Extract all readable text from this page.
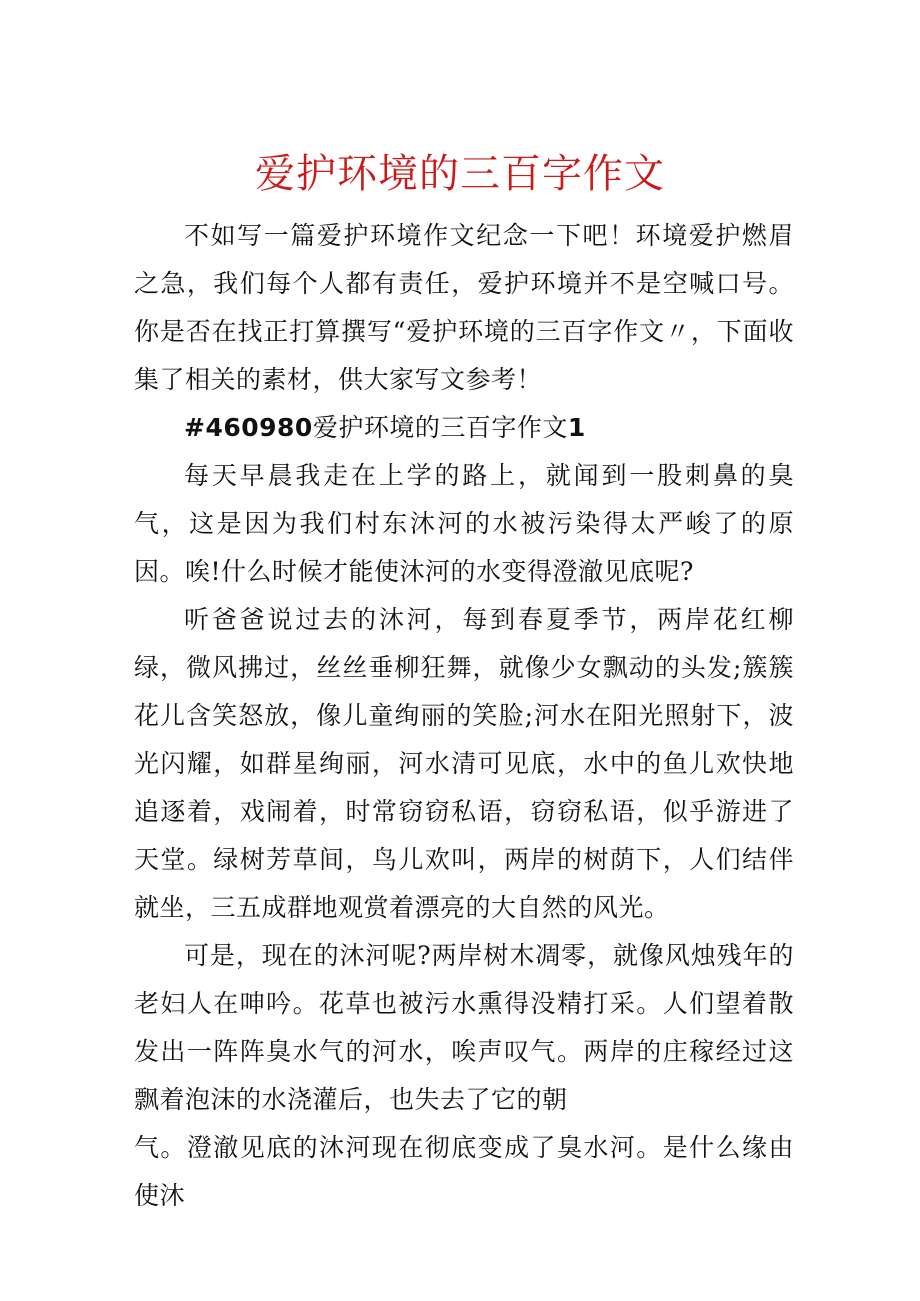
爱护环境的三百字作文

不如写一篇爱护环境作文纪念一下吧！环境爱护燃眉之急，我们每个人都有责任，爱护环境并不是空喊口号。你是否在找正打算撰写“爱护环境的三百字作文〃，下面收集了相关的素材，供大家写文参考！

#460980爱护环境的三百字作文1

每天早晨我走在上学的路上，就闻到一股刺鼻的臭气，这是因为我们村东沐河的水被污染得太严峻了的原因。唉!什么时候才能使沐河的水变得澄澈见底呢?

听爸爸说过去的沐河，每到春夏季节，两岸花红柳绿，微风拂过，丝丝垂柳狂舞，就像少女飘动的头发;簇簇花儿含笑怒放，像儿童绚丽的笑脸;河水在阳光照射下，波光闪耀，如群星绚丽，河水清可见底，水中的鱼儿欢快地追逐着，戏闹着，时常窃窃私语，窃窃私语，似乎游进了天堂。绿树芳草间，鸟儿欢叫，两岸的树荫下，人们结伴就坐，三五成群地观赏着漂亮的大自然的风光。

可是，现在的沐河呢?两岸树木凋零，就像风烛残年的老妇人在呻吟。花草也被污水熏得没精打采。人们望着散发出一阵阵臭水气的河水，唉声叹气。两岸的庄稼经过这飘着泡沫的水浇灌后，也失去了它的朝

气。澄澈见底的沐河现在彻底变成了臭水河。是什么缘由使沐
